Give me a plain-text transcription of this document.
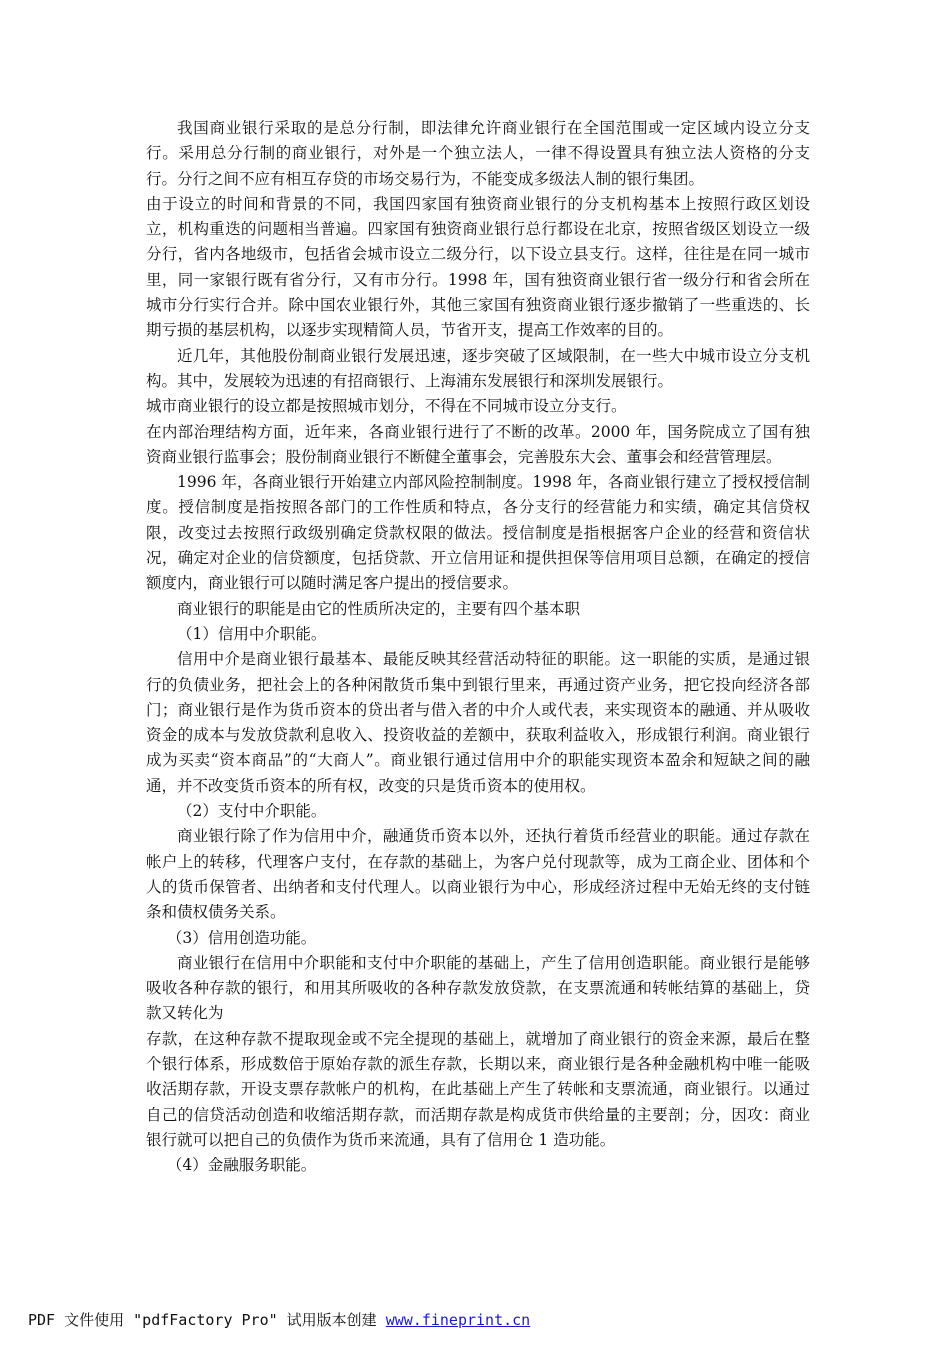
我国商业银行采取的是总分行制，即法律允许商业银行在全国范围或一定区域内设立分支行。采用总分行制的商业银行，对外是一个独立法人，一律不得设置具有独立法人资格的分支行。分行之间不应有相互存贷的市场交易行为，不能变成多级法人制的银行集团。

由于设立的时间和背景的不同，我国四家国有独资商业银行的分支机构基本上按照行政区划设立，机构重迭的问题相当普遍。四家国有独资商业银行总行都设在北京，按照省级区划设立一级分行，省内各地级市，包括省会城市设立二级分行，以下设立县支行。这样，往往是在同一城市里，同一家银行既有省分行，又有市分行。1998 年，国有独资商业银行省一级分行和省会所在城市分行实行合并。除中国农业银行外，其他三家国有独资商业银行逐步撤销了一些重迭的、长期亏损的基层机构，以逐步实现精简人员，节省开支，提高工作效率的目的。

近几年，其他股份制商业银行发展迅速，逐步突破了区域限制，在一些大中城市设立分支机构。其中，发展较为迅速的有招商银行、上海浦东发展银行和深圳发展银行。

城市商业银行的设立都是按照城市划分，不得在不同城市设立分支行。

在内部治理结构方面，近年来，各商业银行进行了不断的改革。2000 年，国务院成立了国有独资商业银行监事会；股份制商业银行不断健全董事会，完善股东大会、董事会和经营管理层。

1996 年，各商业银行开始建立内部风险控制制度。1998 年，各商业银行建立了授权授信制度。授信制度是指按照各部门的工作性质和特点，各分支行的经营能力和实绩，确定其信贷权限，改变过去按照行政级别确定贷款权限的做法。授信制度是指根据客户企业的经营和资信状况，确定对企业的信贷额度，包括贷款、开立信用证和提供担保等信用项目总额，在确定的授信额度内，商业银行可以随时满足客户提出的授信要求。

商业银行的职能是由它的性质所决定的，主要有四个基本职

（1）信用中介职能。

信用中介是商业银行最基本、最能反映其经营活动特征的职能。这一职能的实质，是通过银行的负债业务，把社会上的各种闲散货币集中到银行里来，再通过资产业务，把它投向经济各部门；商业银行是作为货币资本的贷出者与借入者的中介人或代表，来实现资本的融通、并从吸收资金的成本与发放贷款利息收入、投资收益的差额中，获取利益收入，形成银行利润。商业银行成为买卖“资本商品”的“大商人”。商业银行通过信用中介的职能实现资本盈余和短缺之间的融通，并不改变货币资本的所有权，改变的只是货币资本的使用权。

（2）支付中介职能。

商业银行除了作为信用中介，融通货币资本以外，还执行着货币经营业的职能。通过存款在帐户上的转移，代理客户支付，在存款的基础上，为客户兑付现款等，成为工商企业、团体和个人的货币保管者、出纳者和支付代理人。以商业银行为中心，形成经济过程中无始无终的支付链条和债权债务关系。

（3）信用创造功能。

商业银行在信用中介职能和支付中介职能的基础上，产生了信用创造职能。商业银行是能够吸收各种存款的银行，和用其所吸收的各种存款发放贷款，在支票流通和转帐结算的基础上，贷款又转化为

存款，在这种存款不提取现金或不完全提现的基础上，就增加了商业银行的资金来源，最后在整个银行体系，形成数倍于原始存款的派生存款，长期以来，商业银行是各种金融机构中唯一能吸收活期存款，开设支票存款帐户的机构，在此基础上产生了转帐和支票流通，商业银行。以通过自己的信贷活动创造和收缩活期存款，而活期存款是构成货市供给量的主要剖；分，因攻：商业银行就可以把自己的负债作为货币来流通，具有了信用仓 1 造功能。

（4）金融服务职能。

PDF 文件使用 "pdfFactory Pro" 试用版本创建 www.fineprint.cn
